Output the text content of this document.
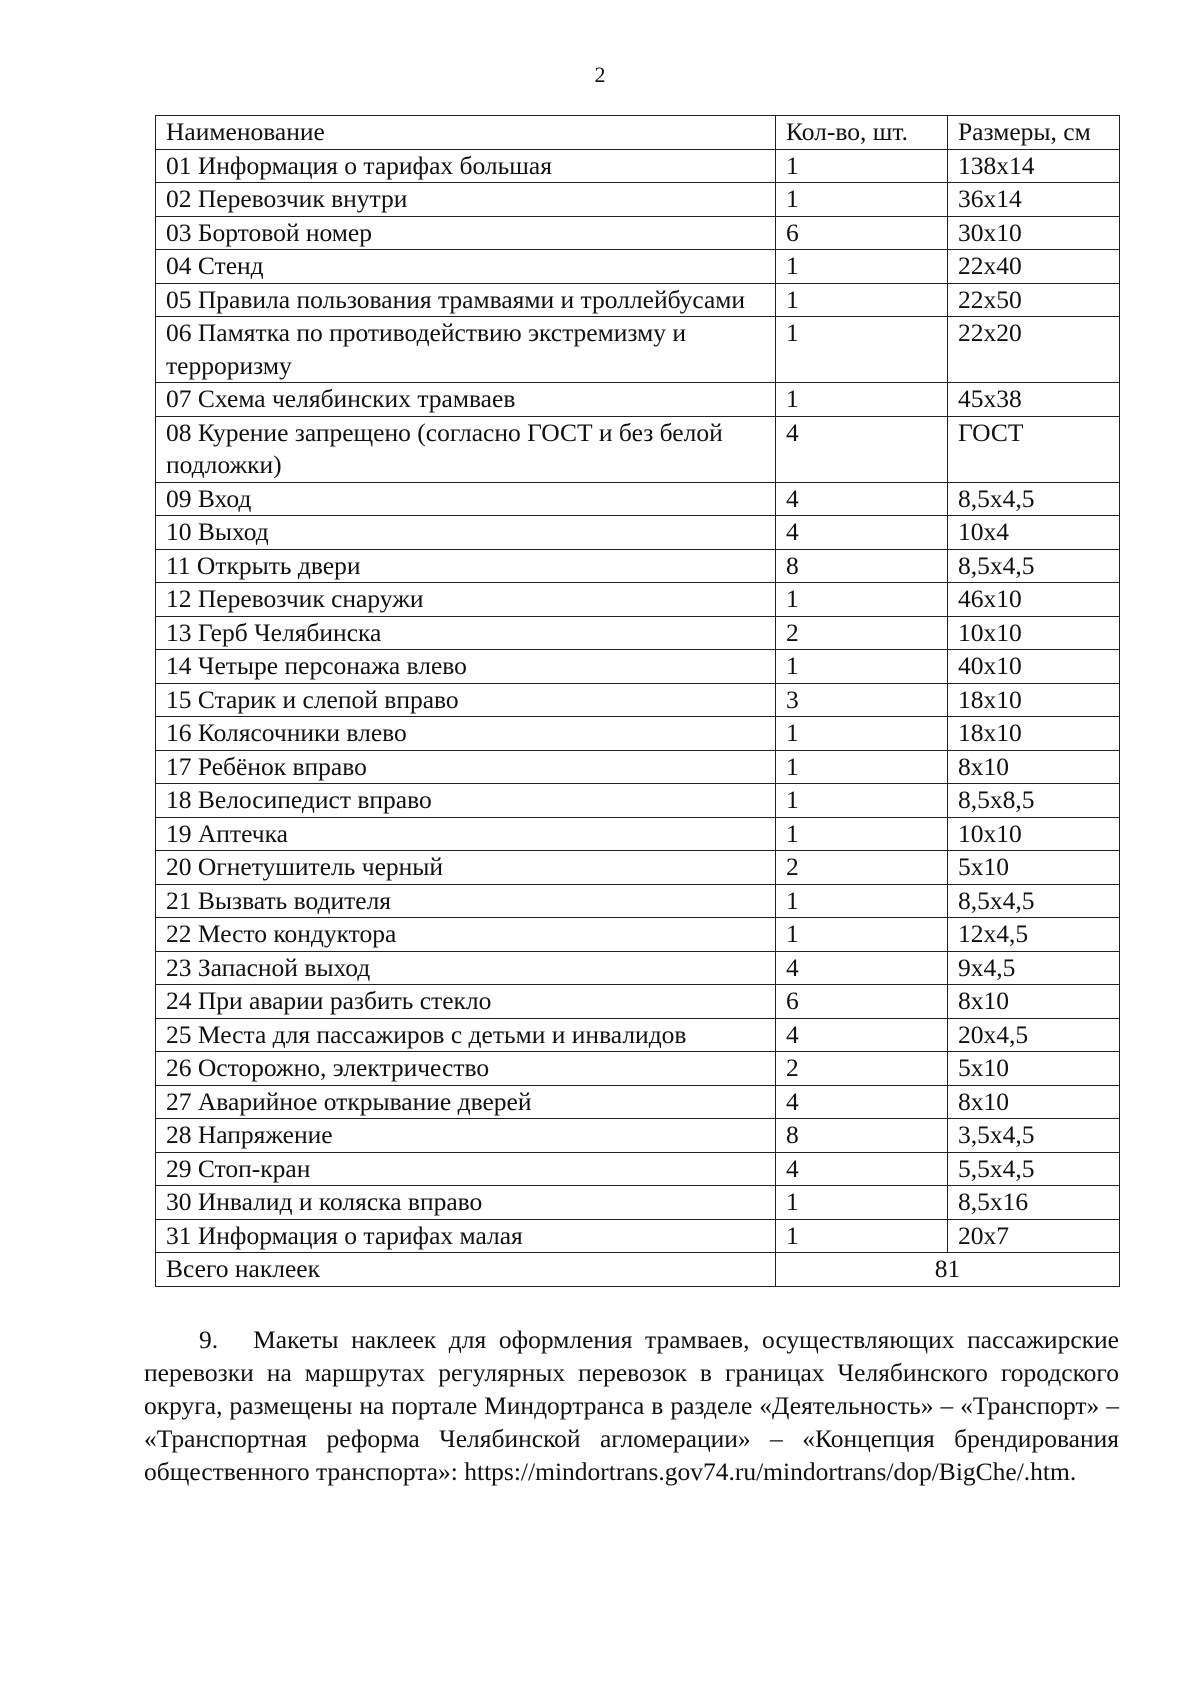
2
Наименование	Кол-во, шт.	Размеры, см
01 Информация о тарифах большая	1	138x14
02 Перевозчик внутри	1	36x14
03 Бортовой номер	6	30x10
04 Стенд	1	22x40
05 Правила пользования трамваями и троллейбусами	1	22x50
06 Памятка по противодействию экстремизму и терроризму	1	22x20
07 Схема челябинских трамваев	1	45x38
08 Курение запрещено (согласно ГОСТ и без белой подложки)	4	ГОСТ
09 Вход	4	8,5x4,5
10 Выход	4	10x4
11 Открыть двери	8	8,5x4,5
12 Перевозчик снаружи	1	46x10
13 Герб Челябинска	2	10x10
14 Четыре персонажа влево	1	40x10
15 Старик и слепой вправо	3	18x10
16 Колясочники влево	1	18x10
17 Ребёнок вправо	1	8x10
18 Велосипедист вправо	1	8,5x8,5
19 Аптечка	1	10x10
20 Огнетушитель черный	2	5x10
21 Вызвать водителя	1	8,5x4,5
22 Место кондуктора	1	12x4,5
23 Запасной выход	4	9x4,5
24 При аварии разбить стекло	6	8x10
25 Места для пассажиров с детьми и инвалидов	4	20x4,5
26 Осторожно, электричество	2	5x10
27 Аварийное открывание дверей	4	8x10
28 Напряжение	8	3,5x4,5
29 Стоп-кран	4	5,5x4,5
30 Инвалид и коляска вправо	1	8,5x16
31 Информация о тарифах малая	1	20x7
Всего наклеек	81	

9. Макеты наклеек для оформления трамваев, осуществляющих пассажирские перевозки на маршрутах регулярных перевозок в границах Челябинского городского округа, размещены на портале Миндортранса в разделе «Деятельность» – «Транспорт» – «Транспортная реформа Челябинской агломерации» – «Концепция брендирования общественного транспорта»: https://mindortrans.gov74.ru/mindortrans/dop/BigChe/.htm.
